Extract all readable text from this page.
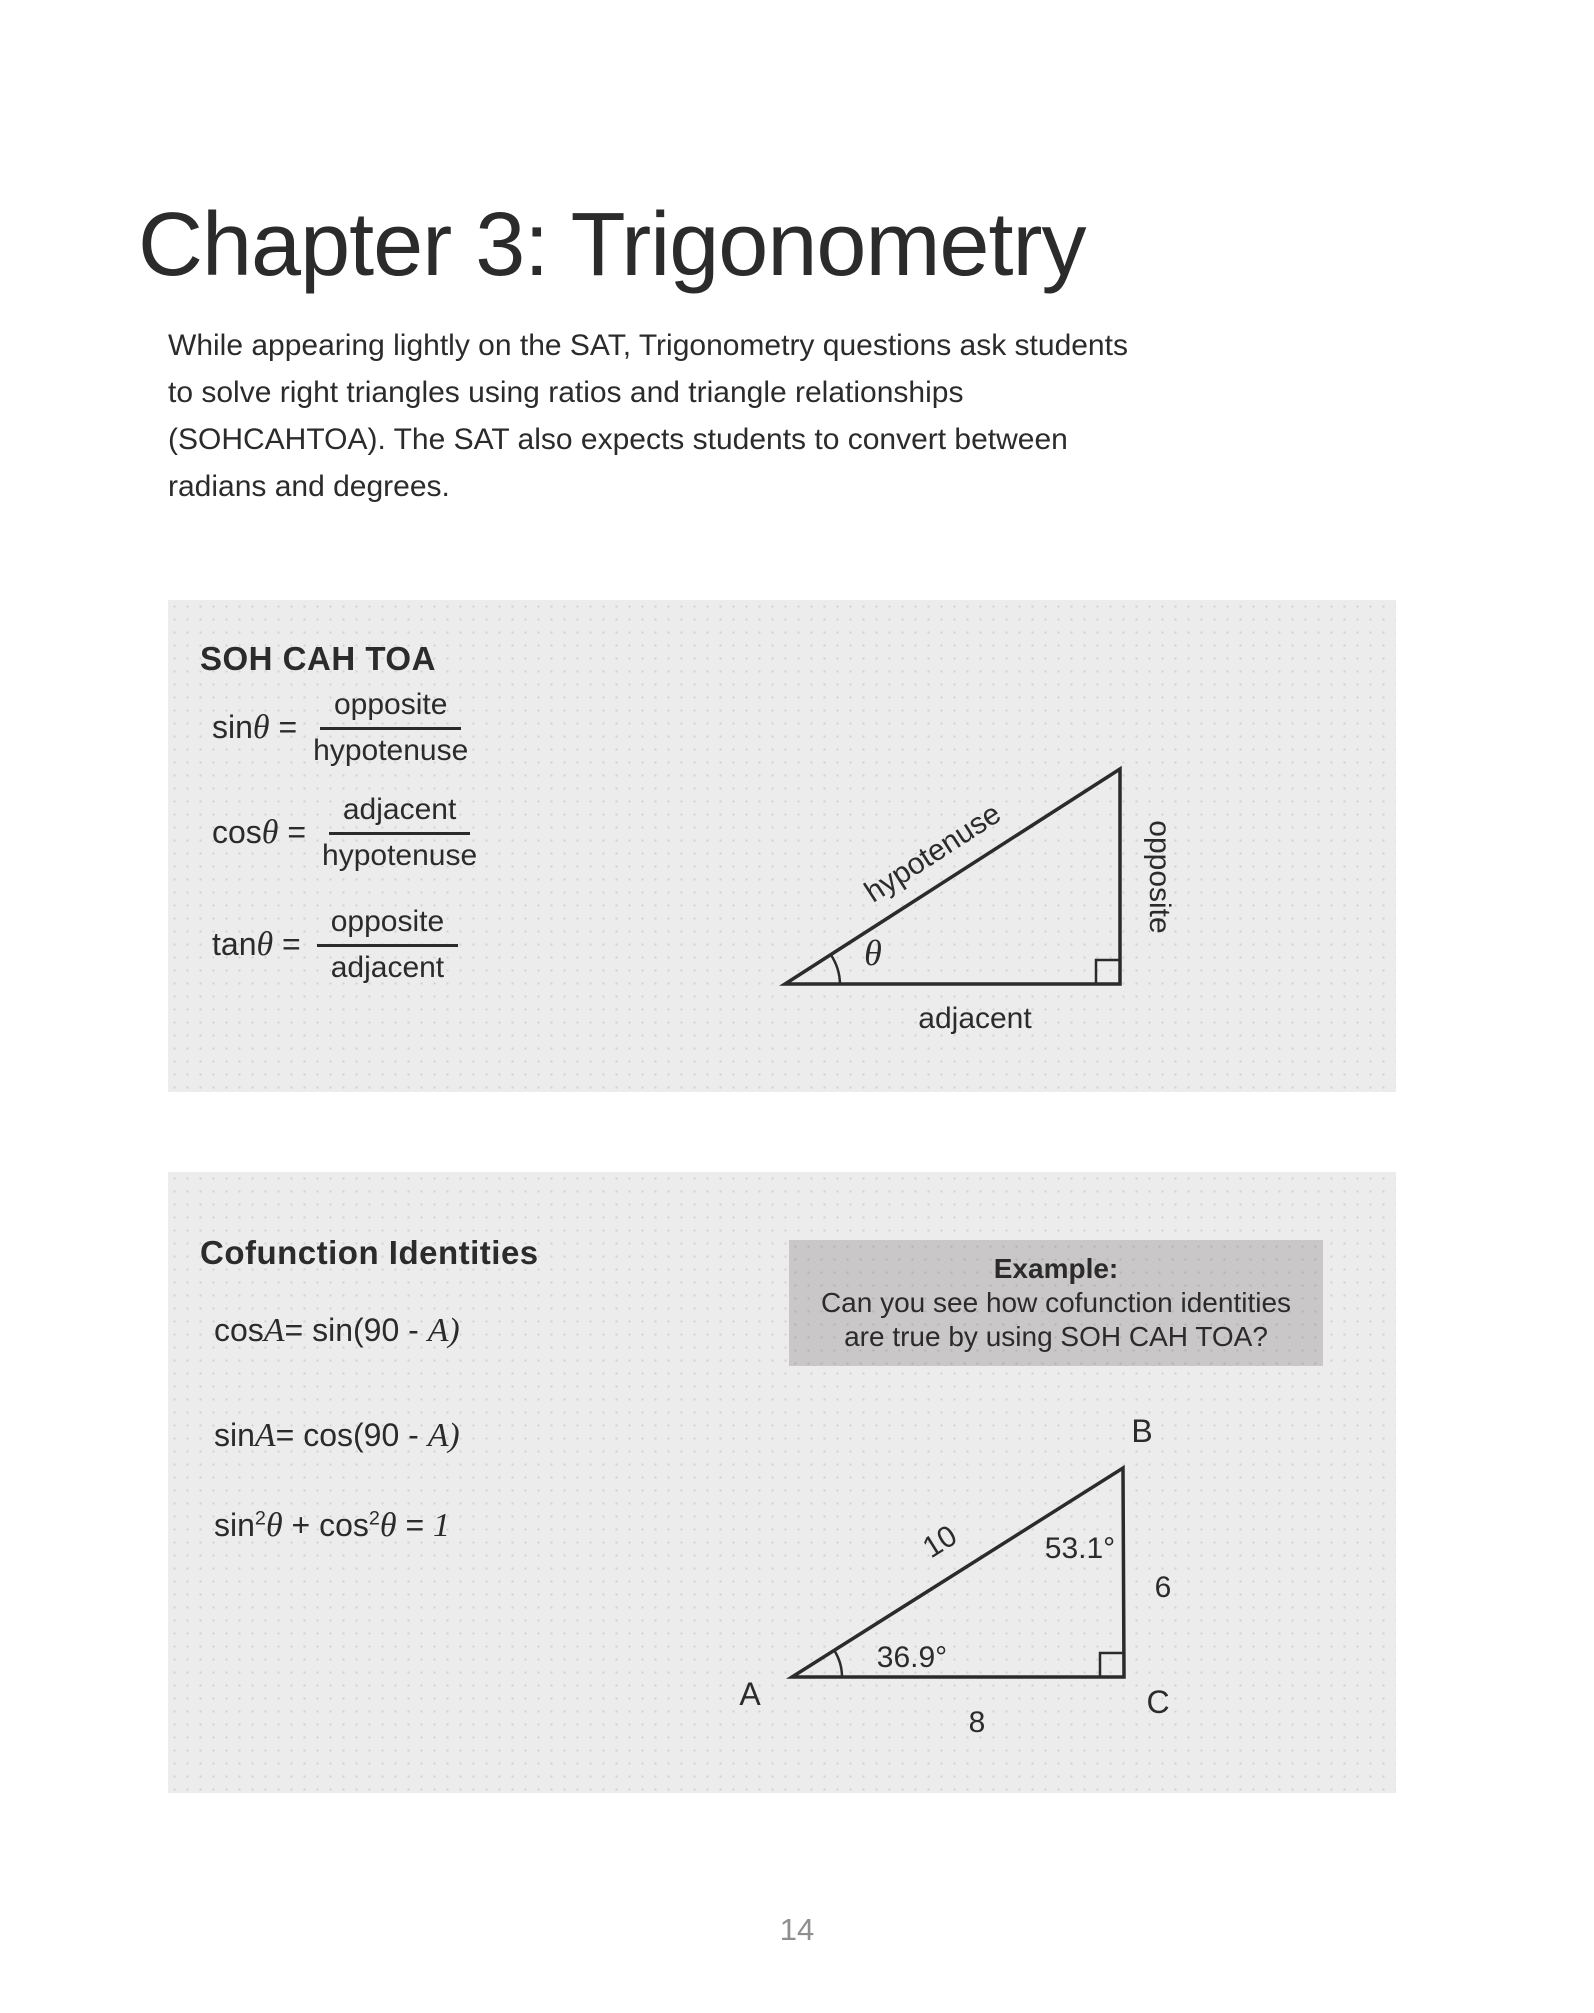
Chapter 3: Trigonometry

While appearing lightly on the SAT, Trigonometry questions ask students to solve right triangles using ratios and triangle relationships (SOHCAHTOA). The SAT also expects students to convert between radians and degrees.

SOH CAH TOA
$\sin\theta = \frac{\text{opposite}}{\text{hypotenuse}}$
$\cos\theta = \frac{\text{adjacent}}{\text{hypotenuse}}$
$\tan\theta = \frac{\text{opposite}}{\text{adjacent}}$	θ
hypotenuse	opposite
adjacent
Cofunction Identities
cosA= sin(90 - A)
sinA= cos(90 - A)
$\sin^2\theta + \cos^2\theta = 1$
Example:
Can you see how cofunction identities
are true by using SOH CAH TOA?
A
B
C
10	53.1°
6
36.9°
8
14
